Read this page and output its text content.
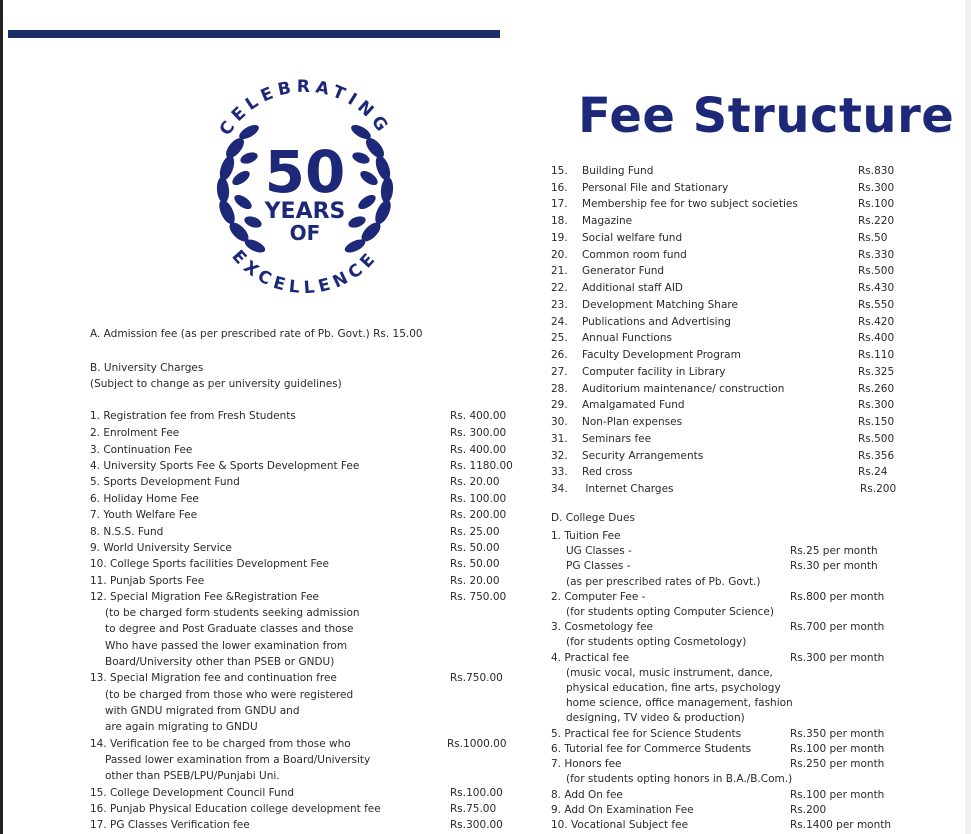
CELEBRATING
EXCELLENCE
50
YEARS
OF
Fee Structure
A. Admission fee (as per prescribed rate of Pb. Govt.) Rs. 15.00
B. University Charges
(Subject to change as per university guidelines)
1. Registration fee from Fresh Students	Rs. 400.00
2. Enrolment Fee	Rs. 300.00
3. Continuation Fee	Rs. 400.00
4. University Sports Fee & Sports Development Fee	Rs. 1180.00
5. Sports Development Fund	Rs. 20.00
6. Holiday Home Fee	Rs. 100.00
7. Youth Welfare Fee	Rs. 200.00
8. N.S.S. Fund	Rs. 25.00
9. World University Service	Rs. 50.00
10. College Sports facilities Development Fee	Rs. 50.00
11. Punjab Sports Fee	Rs. 20.00
12. Special Migration Fee &Registration Fee	Rs. 750.00
(to be charged form students seeking admission
to degree and Post Graduate classes and those
Who have passed the lower examination from
Board/University other than PSEB or GNDU)
13. Special Migration fee and continuation free	Rs.750.00
(to be charged from those who were registered
with GNDU migrated from GNDU and
are again migrating to GNDU
14. Verification fee to be charged from those who	Rs.1000.00
Passed lower examination from a Board/University
other than PSEB/LPU/Punjabi Uni.
15. College Development Council Fund	Rs.100.00
16. Punjab Physical Education college development fee	Rs.75.00
17. PG Classes Verification fee	Rs.300.00
15. Building Fund	Rs.830
16. Personal File and Stationary	Rs.300
17. Membership fee for two subject societies	Rs.100
18. Magazine	Rs.220
19. Social welfare fund	Rs.50
20. Common room fund	Rs.330
21. Generator Fund	Rs.500
22. Additional staff AID	Rs.430
23. Development Matching Share	Rs.550
24. Publications and Advertising	Rs.420
25. Annual Functions	Rs.400
26. Faculty Development Program	Rs.110
27. Computer facility in Library	Rs.325
28. Auditorium maintenance/ construction	Rs.260
29. Amalgamated Fund	Rs.300
30. Non-Plan expenses	Rs.150
31. Seminars fee	Rs.500
32. Security Arrangements	Rs.356
33. Red cross	Rs.24
34. Internet Charges	Rs.200
D. College Dues
1. Tuition Fee
UG Classes -	Rs.25 per month
PG Classes -	Rs.30 per month
(as per prescribed rates of Pb. Govt.)
2. Computer Fee -	Rs.800 per month
(for students opting Computer Science)
3. Cosmetology fee	Rs.700 per month
(for students opting Cosmetology)
4. Practical fee	Rs.300 per month
(music vocal, music instrument, dance,
physical education, fine arts, psychology
home science, office management, fashion
designing, TV video & production)
5. Practical fee for Science Students	Rs.350 per month
6. Tutorial fee for Commerce Students	Rs.100 per month
7. Honors fee	Rs.250 per month
(for students opting honors in B.A./B.Com.)
8. Add On fee	Rs.100 per month
9. Add On Examination Fee	Rs.200
10. Vocational Subject fee	Rs.1400 per month
